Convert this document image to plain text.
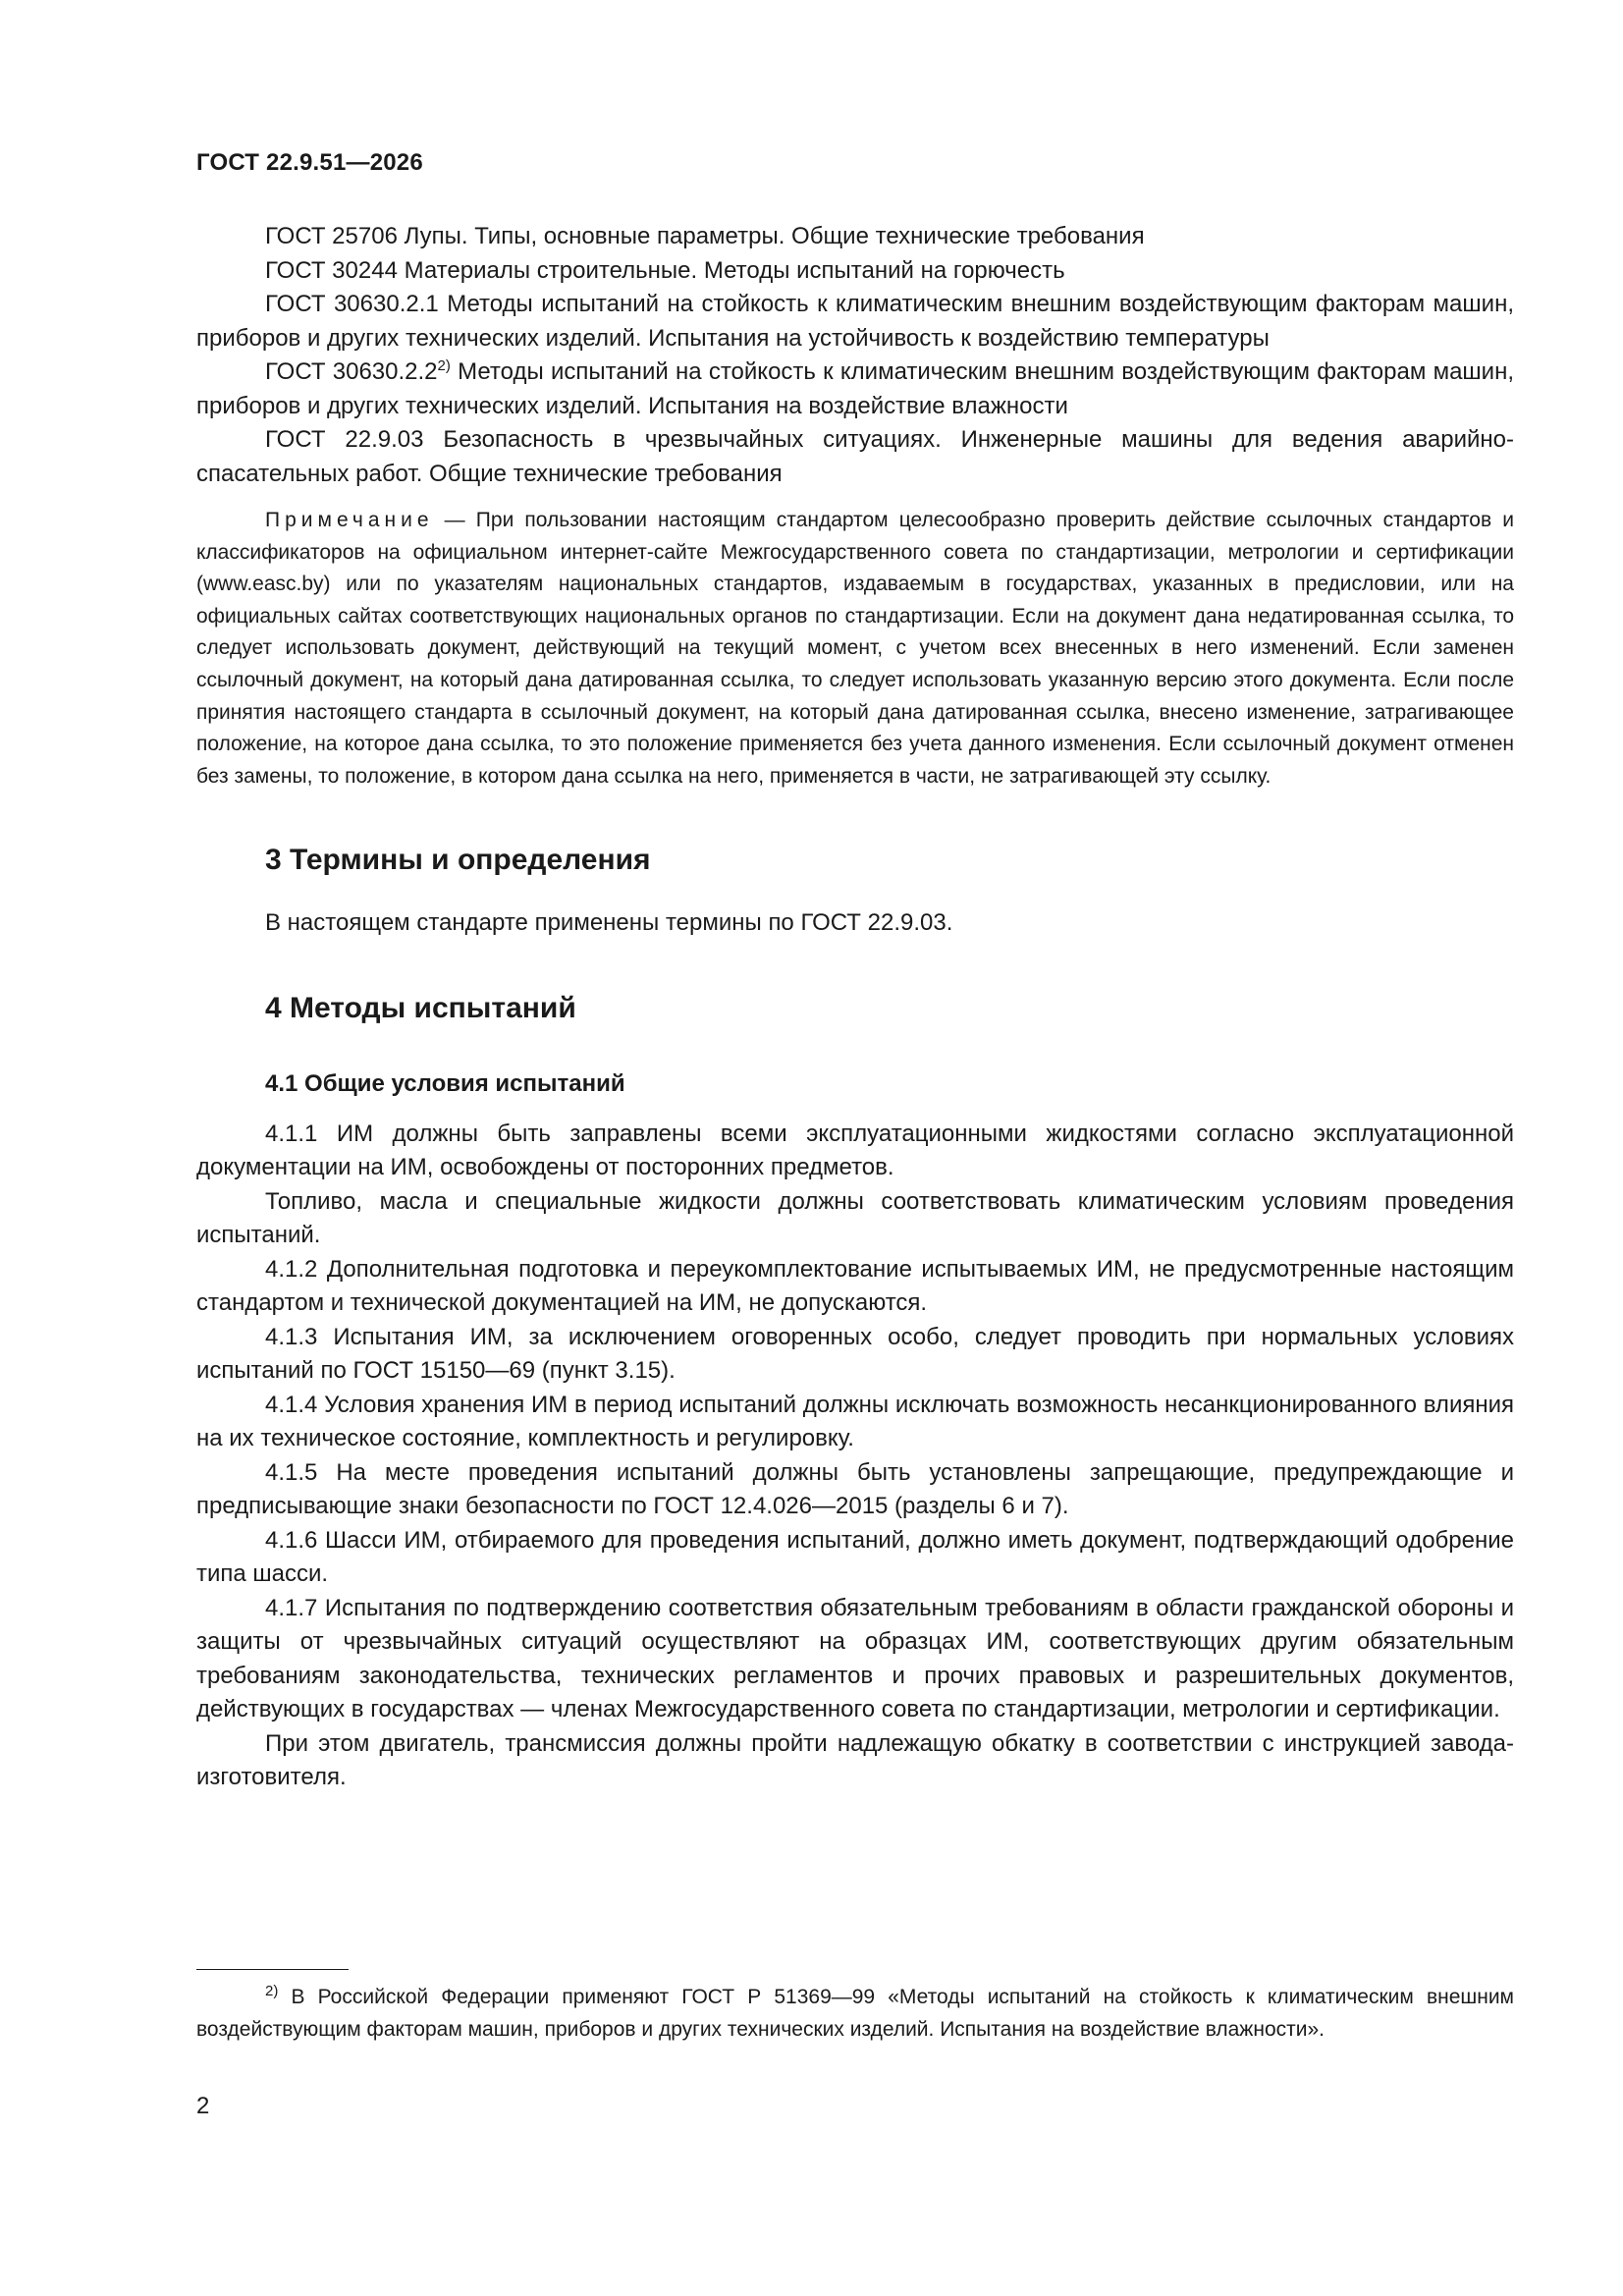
ГОСТ 22.9.51—2026

ГОСТ 25706 Лупы. Типы, основные параметры. Общие технические требования

ГОСТ 30244 Материалы строительные. Методы испытаний на горючесть

ГОСТ 30630.2.1 Методы испытаний на стойкость к климатическим внешним воздействующим факторам машин, приборов и других технических изделий. Испытания на устойчивость к воздействию температуры

ГОСТ 30630.2.2$^{2)}$ Методы испытаний на стойкость к климатическим внешним воздействующим факторам машин, приборов и других технических изделий. Испытания на воздействие влажности

ГОСТ 22.9.03 Безопасность в чрезвычайных ситуациях. Инженерные машины для ведения аварийно-спасательных работ. Общие технические требования

Примечание — При пользовании настоящим стандартом целесообразно проверить действие ссылочных стандартов и классификаторов на официальном интернет-сайте Межгосударственного совета по стандартизации, метрологии и сертификации (www.easc.by) или по указателям национальных стандартов, издаваемым в государствах, указанных в предисловии, или на официальных сайтах соответствующих национальных органов по стандартизации. Если на документ дана недатированная ссылка, то следует использовать документ, действующий на текущий момент, с учетом всех внесенных в него изменений. Если заменен ссылочный документ, на который дана датированная ссылка, то следует использовать указанную версию этого документа. Если после принятия настоящего стандарта в ссылочный документ, на который дана датированная ссылка, внесено изменение, затрагивающее положение, на которое дана ссылка, то это положение применяется без учета данного изменения. Если ссылочный документ отменен без замены, то положение, в котором дана ссылка на него, применяется в части, не затрагивающей эту ссылку.

3 Термины и определения

В настоящем стандарте применены термины по ГОСТ 22.9.03.

4 Методы испытаний
4.1 Общие условия испытаний

4.1.1 ИМ должны быть заправлены всеми эксплуатационными жидкостями согласно эксплуатационной документации на ИМ, освобождены от посторонних предметов.

Топливо, масла и специальные жидкости должны соответствовать климатическим условиям проведения испытаний.

4.1.2 Дополнительная подготовка и переукомплектование испытываемых ИМ, не предусмотренные настоящим стандартом и технической документацией на ИМ, не допускаются.

4.1.3 Испытания ИМ, за исключением оговоренных особо, следует проводить при нормальных условиях испытаний по ГОСТ 15150—69 (пункт 3.15).

4.1.4 Условия хранения ИМ в период испытаний должны исключать возможность несанкционированного влияния на их техническое состояние, комплектность и регулировку.

4.1.5 На месте проведения испытаний должны быть установлены запрещающие, предупреждающие и предписывающие знаки безопасности по ГОСТ 12.4.026—2015 (разделы 6 и 7).

4.1.6 Шасси ИМ, отбираемого для проведения испытаний, должно иметь документ, подтверждающий одобрение типа шасси.

4.1.7 Испытания по подтверждению соответствия обязательным требованиям в области гражданской обороны и защиты от чрезвычайных ситуаций осуществляют на образцах ИМ, соответствующих другим обязательным требованиям законодательства, технических регламентов и прочих правовых и разрешительных документов, действующих в государствах — членах Межгосударственного совета по стандартизации, метрологии и сертификации.

При этом двигатель, трансмиссия должны пройти надлежащую обкатку в соответствии с инструкцией завода-изготовителя.

$^{2)}$ В Российской Федерации применяют ГОСТ Р 51369—99 «Методы испытаний на стойкость к климатическим внешним воздействующим факторам машин, приборов и других технических изделий. Испытания на воздействие влажности».

2
